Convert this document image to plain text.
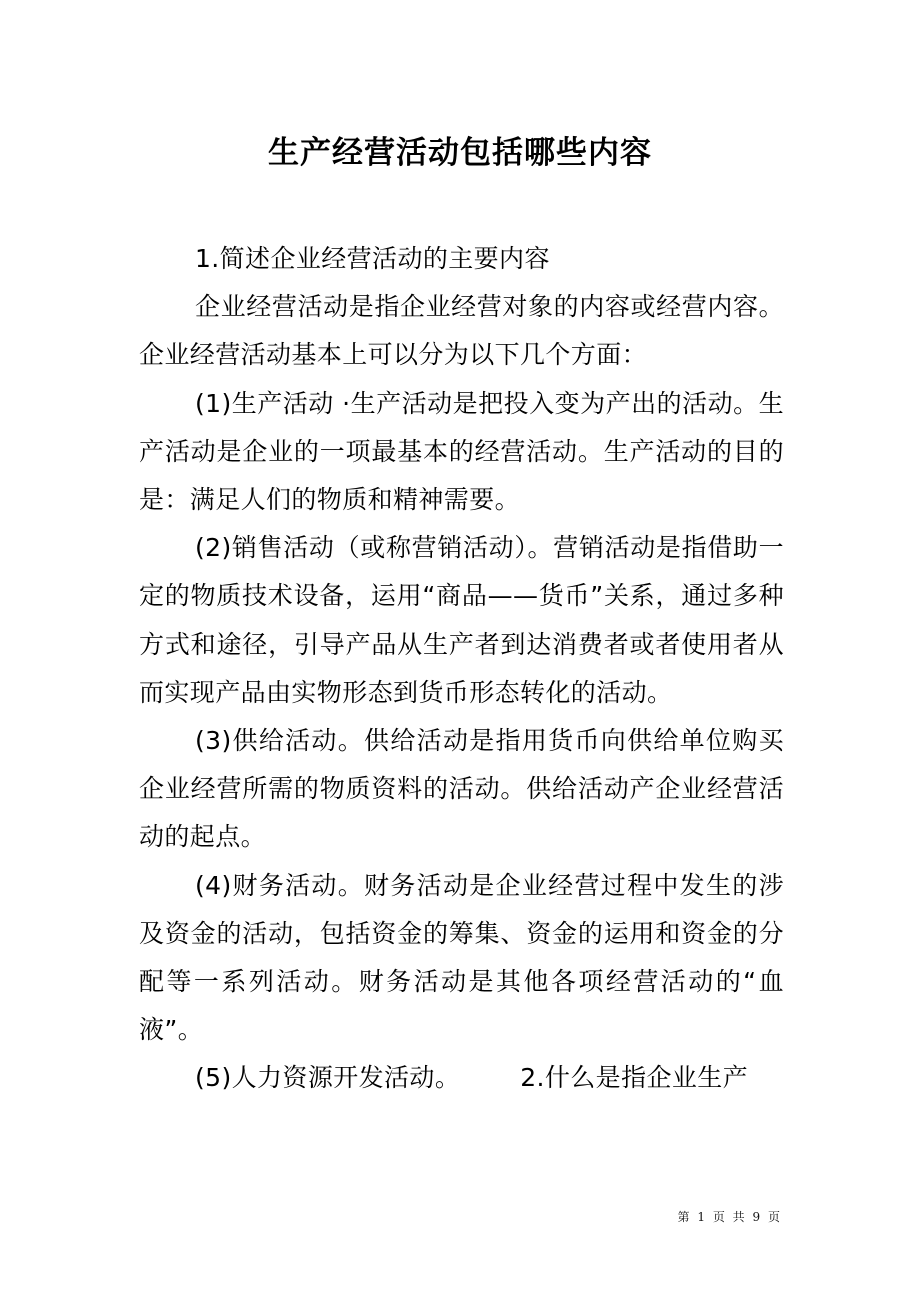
生产经营活动包括哪些内容

1.简述企业经营活动的主要内容

企业经营活动是指企业经营对象的内容或经营内容。企业经营活动基本上可以分为以下几个方面：

(1)生产活动 ·生产活动是把投入变为产出的活动。生产活动是企业的一项最基本的经营活动。生产活动的目的是：满足人们的物质和精神需要。

(2)销售活动（或称营销活动）。营销活动是指借助一定的物质技术设备，运用“商品——货币”关系，通过多种方式和途径，引导产品从生产者到达消费者或者使用者从而实现产品由实物形态到货币形态转化的活动。

(3)供给活动。供给活动是指用货币向供给单位购买企业经营所需的物质资料的活动。供给活动产企业经营活动的起点。

(4)财务活动。财务活动是企业经营过程中发生的涉及资金的活动，包括资金的筹集、资金的运用和资金的分配等一系列活动。财务活动是其他各项经营活动的“血液”。

(5)人力资源开发活动。 2.什么是指企业生产

第 1 页 共 9 页
